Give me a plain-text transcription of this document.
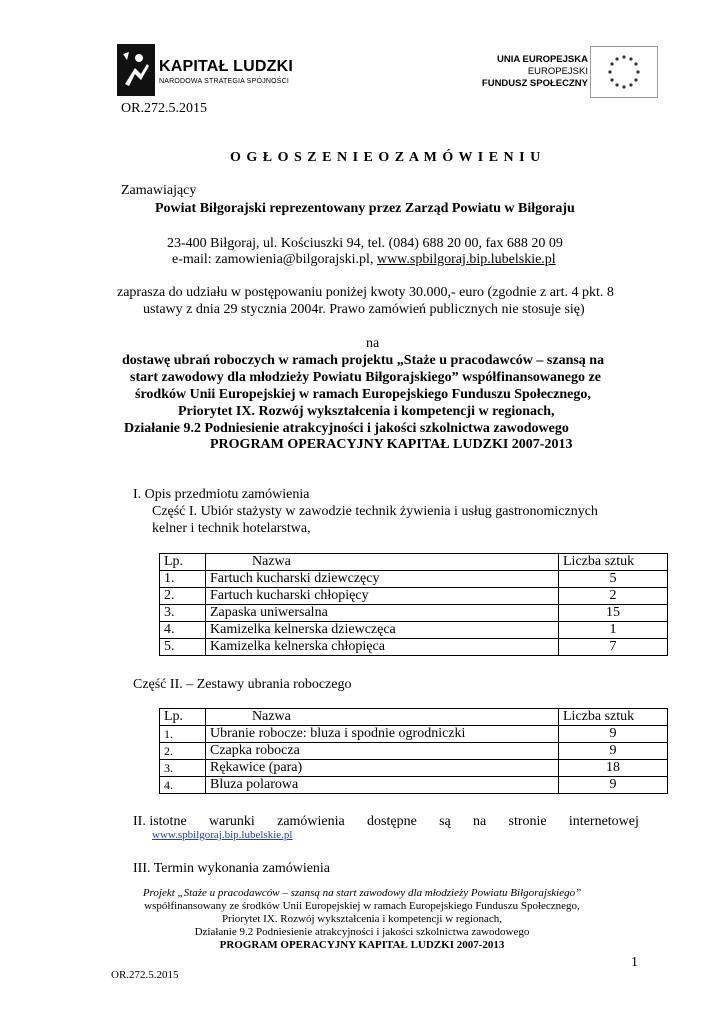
KAPITAŁ LUDZKI
NARODOWA STRATEGIA SPÓJNOŚCI
UNIA EUROPEJSKA
EUROPEJSKI
FUNDUSZ SPOŁECZNY
OR.272.5.2015
O G Ł O S Z E N I E O Z A M Ó W I E N I U
Zamawiający
Powiat Biłgorajski reprezentowany przez Zarząd Powiatu w Biłgoraju
23-400 Biłgoraj, ul. Kościuszki 94, tel. (084) 688 20 00, fax 688 20 09
e-mail: zamowienia@bilgorajski.pl, www.spbilgoraj.bip.lubelskie.pl
zaprasza do udziału w postępowaniu poniżej kwoty 30.000,- euro (zgodnie z art. 4 pkt. 8
ustawy z dnia 29 stycznia 2004r. Prawo zamówień publicznych nie stosuje się)
na
dostawę ubrań roboczych w ramach projektu „Staże u pracodawców – szansą na
start zawodowy dla młodzieży Powiatu Biłgorajskiego” współfinansowanego ze
środków Unii Europejskiej w ramach Europejskiego Funduszu Społecznego,
Priorytet IX. Rozwój wykształcenia i kompetencji w regionach,
Działanie 9.2 Podniesienie atrakcyjności i jakości szkolnictwa zawodowego
PROGRAM OPERACYJNY KAPITAŁ LUDZKI 2007-2013
I. Opis przedmiotu zamówienia
Część I. Ubiór stażysty w zawodzie technik żywienia i usług gastronomicznych
kelner i technik hotelarstwa,
Lp.	Nazwa	Liczba sztuk
1.	Fartuch kucharski dziewczęcy	5
2.	Fartuch kucharski chłopięcy	2
3.	Zapaska uniwersalna	15
4.	Kamizelka kelnerska dziewczęca	1
5.	Kamizelka kelnerska chłopięca	7
Część II. – Zestawy ubrania roboczego
Lp.	Nazwa	Liczba sztuk
1.	Ubranie robocze: bluza i spodnie ogrodniczki	9
2.	Czapka robocza	9
3.	Rękawice (para)	18
4.	Bluza polarowa	9
II. istotne warunki zamówienia dostępne są na stronie internetowej
www.spbilgoraj.bip.lubelskie.pl
III. Termin wykonania zamówienia
Projekt „Staże u pracodawców – szansą na start zawodowy dla młodzieży Powiatu Biłgorajskiego”
współfinansowany ze środków Unii Europejskiej w ramach Europejskiego Funduszu Społecznego,
Priorytet IX. Rozwój wykształcenia i kompetencji w regionach,
Działanie 9.2 Podniesienie atrakcyjności i jakości szkolnictwa zawodowego
PROGRAM OPERACYJNY KAPITAŁ LUDZKI 2007-2013
1
OR.272.5.2015
